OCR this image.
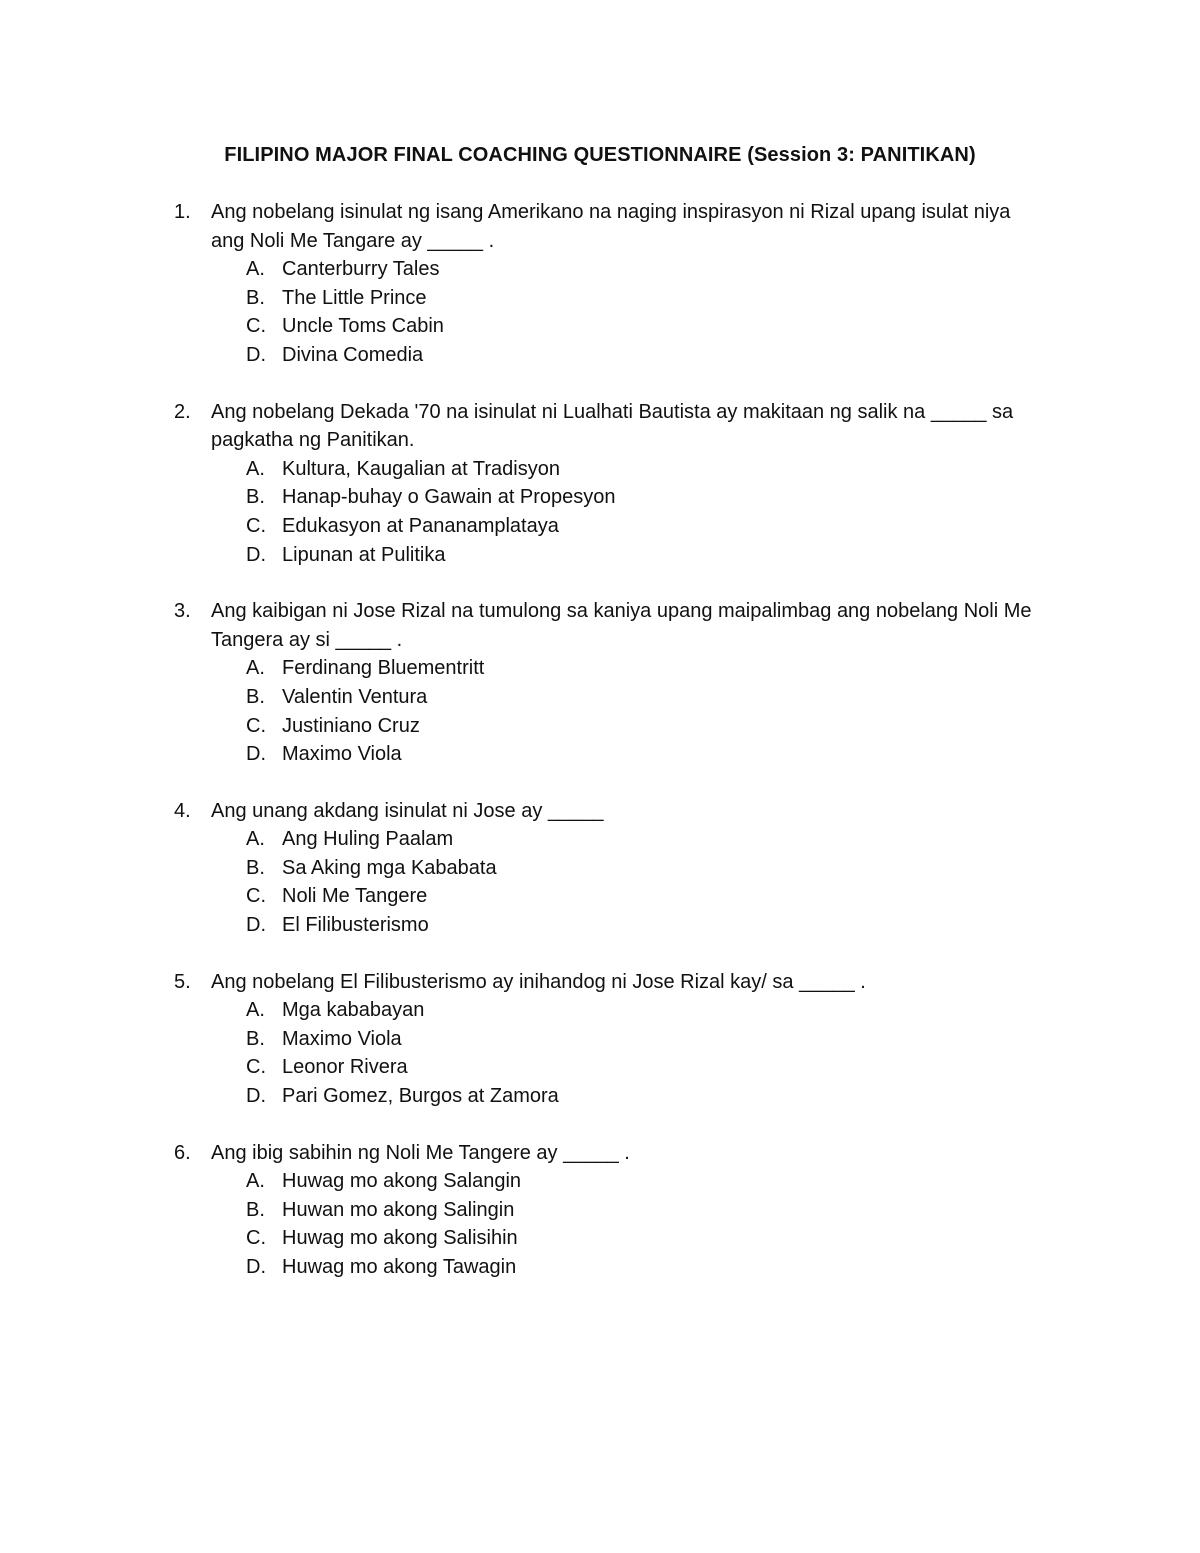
FILIPINO MAJOR FINAL COACHING QUESTIONNAIRE (Session 3: PANITIKAN)
1. Ang nobelang isinulat ng isang Amerikano na naging inspirasyon ni Rizal upang isulat niya ang Noli Me Tangare ay _____ .
A. Canterburry Tales
B. The Little Prince
C. Uncle Toms Cabin
D. Divina Comedia
2. Ang nobelang Dekada '70 na isinulat ni Lualhati Bautista ay makitaan ng salik na _____ sa pagkatha ng Panitikan.
A. Kultura, Kaugalian at Tradisyon
B. Hanap-buhay o Gawain at Propesyon
C. Edukasyon at Pananamplataya
D. Lipunan at Pulitika
3. Ang kaibigan ni Jose Rizal na tumulong sa kaniya upang maipalimbag ang nobelang Noli Me Tangera ay si _____ .
A. Ferdinang Bluementritt
B. Valentin Ventura
C. Justiniano Cruz
D. Maximo Viola
4. Ang unang akdang isinulat ni Jose ay _____
A. Ang Huling Paalam
B. Sa Aking mga Kababata
C. Noli Me Tangere
D. El Filibusterismo
5. Ang nobelang El Filibusterismo ay inihandog ni Jose Rizal kay/ sa _____ .
A. Mga kababayan
B. Maximo Viola
C. Leonor Rivera
D. Pari Gomez, Burgos at Zamora
6. Ang ibig sabihin ng Noli Me Tangere ay _____ .
A. Huwag mo akong Salangin
B. Huwan mo akong Salingin
C. Huwag mo akong Salisihin
D. Huwag mo akong Tawagin
